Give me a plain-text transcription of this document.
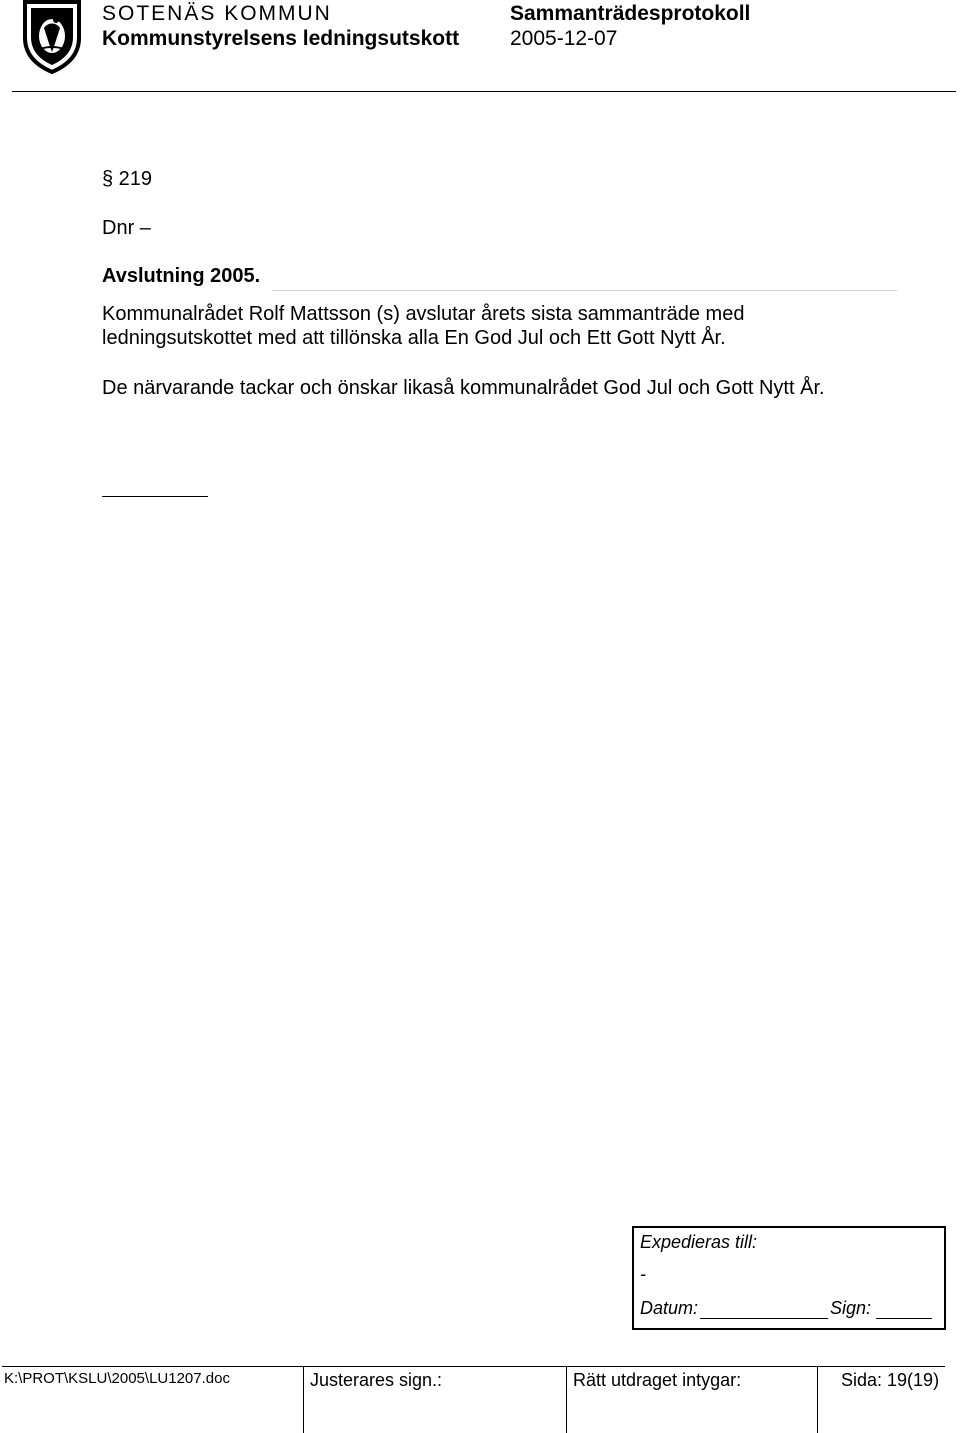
SOTENÄS KOMMUN
Kommunstyrelsens ledningsutskott
Sammanträdesprotokoll
2005-12-07
§ 219
Dnr –
Avslutning 2005.
Kommunalrådet Rolf Mattsson (s) avslutar årets sista sammanträde med
ledningsutskottet med att tillönska alla En God Jul och Ett Gott Nytt År.
De närvarande tackar och önskar likaså kommunalrådet God Jul och Gott Nytt År.
Expedieras till:
-
Datum:	Sign:
K:\PROT\KSLU\2005\LU1207.doc	Justerares sign.:	Rätt utdraget intygar:	Sida: 19(19)
